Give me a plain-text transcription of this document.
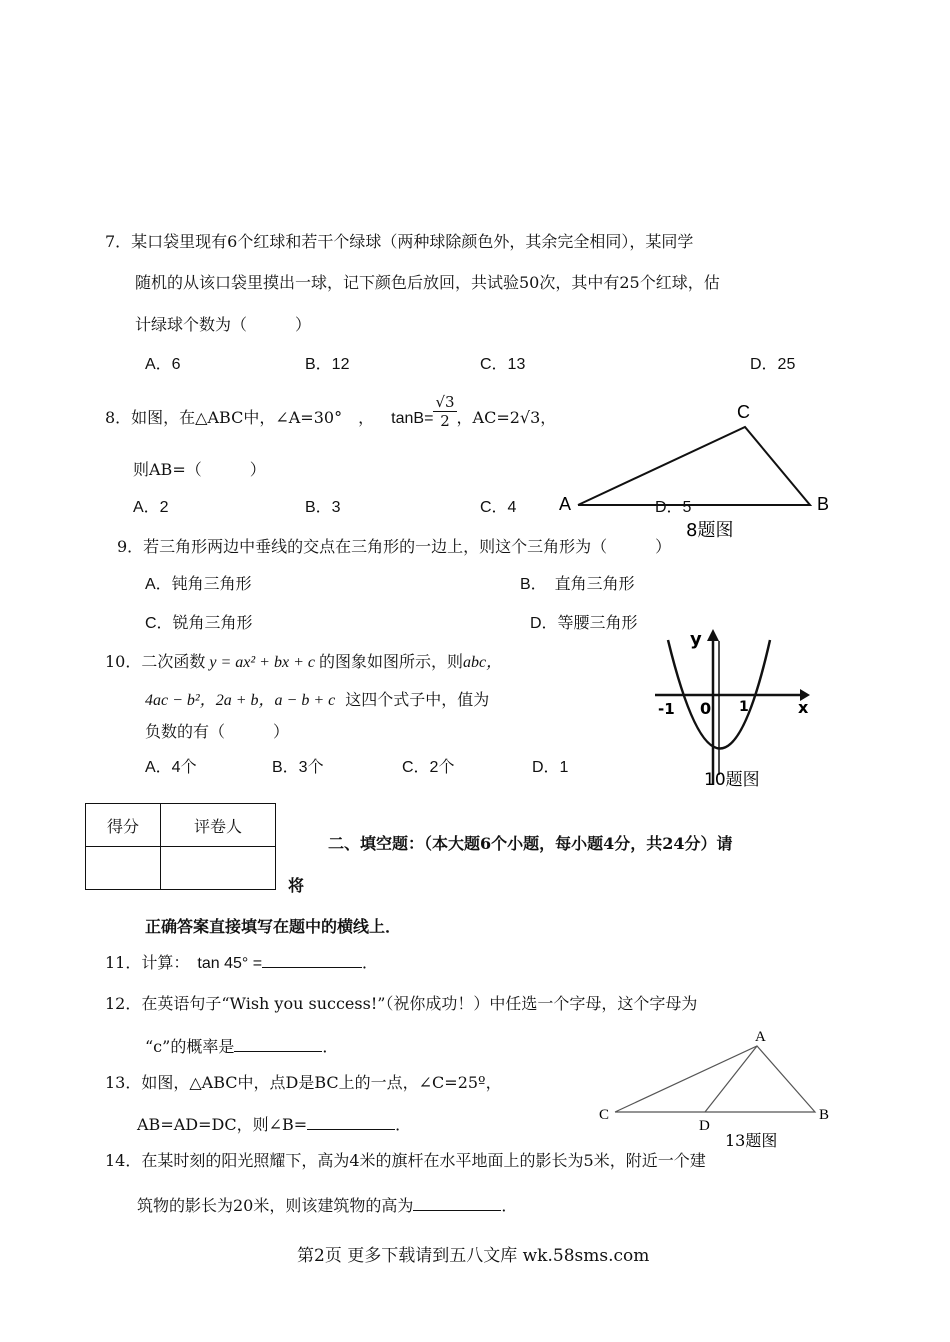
7．某口袋里现有6个红球和若干个绿球（两种球除颜色外，其余完全相同），某同学
随机的从该口袋里摸出一球，记下颜色后放回，共试验50次，其中有25个红球，估
计绿球个数为（　　　）
A．6	B．12	C．13	D．25
8．如图，在△ABC中，∠A=30°　， $\tan B= \frac{√3}{2}$ ，AC=2√3，
则AB=（　　　）
A．2	B．3	C．4	D．5
C
A	B
8题图
9．若三角形两边中垂线的交点在三角形的一边上，则这个三角形为（　　　）
A．钝角三角形	B．　直角三角形
C．锐角三角形	D．等腰三角形
10．二次函数 y = ax² + bx + c 的图象如图所示，则abc，
4ac − b²，2a + b，a − b + c 这四个式子中，值为
负数的有（　　　）
A．4个	B．3个	C．2个	D．1
y
x
0
-1	1
10题图
得分	评卷人

二、填空题：（本大题6个小题，每小题4分，共24分）请
将
正确答案直接填写在题中的横线上．
11．计算： tan 45° =	．
12．在英语句子“Wish you success!”（祝你成功！）中任选一个字母，这个字母为
“c”的概率是	．
13．如图，△ABC中，点D是BC上的一点，∠C=25º，
AB=AD=DC，则∠B=	．
A
C	B
D
13题图
14．在某时刻的阳光照耀下，高为4米的旗杆在水平地面上的影长为5米，附近一个建
筑物的影长为20米，则该建筑物的高为	．
第2页 更多下载请到五八文库 wk.58sms.com
